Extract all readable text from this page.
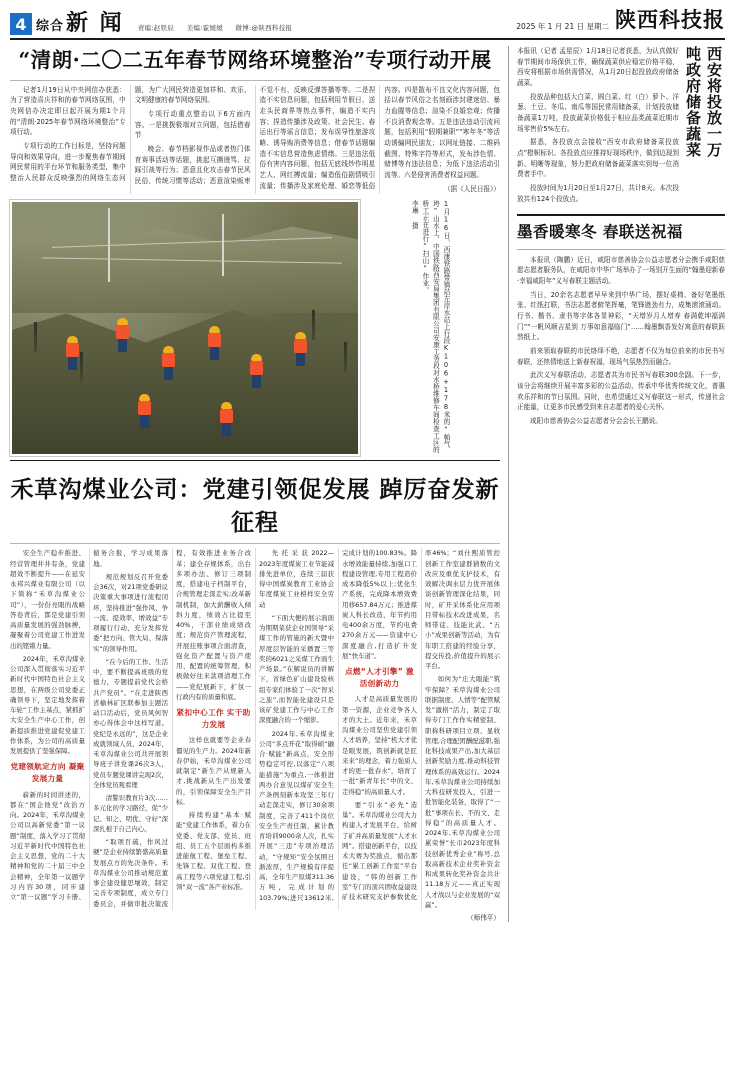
4 综合 新 闻 责编:赵铁辰 美编:霍媛媛 微博:@陕西科技报	2025 年 1 月 21 日 星期二 陕西科技报
“清朗·二〇二五年春节网络环境整治”专项行动开展

记者1月19日从中央网信办获悉：为了营造喜庆祥和的春节网络氛围，中央网信办决定即日起开展为期1个月的“清朗·2025年春节网络环境整治”专项行动。

专项行动的工作目标是，坚持问题导向和效果导向，进一步聚焦春节期间网民常用的平台环节和服务类型，集中整治人民群众反映强烈的网络生态问题，为广大网民营造更加祥和、欢乐、文明健康的春节网络氛围。

专项行动重点整治以下6方面内容。一是挑拨极端对立问题，包括借春节

晚会、春节档影视作品或者热门体育赛事活动等话题，挑起互撕谩骂、拉踩引战等行为；恶意且化攻击春节民风民俗、传统习惯等活动；恶意渲染贩枣不觉不有、反映反弹答播等等。二是捏造不实信息问题，包括利用节假日、送走头民商界等热点事件，编造不实内容；捏造传播涉及政策、社会民生、春运出行等谣言信息；发布误导性旅游攻略、诱导购消费等信息；借春节话题编造不实信息营造焦虑情绪。三是违法低俗有害内容问题，包括无底线炒作明星艺人、网红搏流量；编造低俗剧情吸引流量；传播涉及家庭伦理、婚恋等低俗内容。四是散布不良文化内容问题，包括以春节风俗之名刻画涉封建迷信、暴力血腥等信息；渲染不良婚恋观；传播不良消费观念等。五是违法违动引流问题，包括利用“假期兼职”“寒年冬”等活动诱骗网民朋友；以网址链接、二维码截图、特殊字符等形式，发布涉色情、赌博等有违法信息；为低下违法活动引流等。六是侵害消费者权益问题。

（据《人民日报》）

1月16日，西康铁路带镇站左岸水站上行段K106+178米的“帕气垮”山水上，中国铁路西安局集团有限公司安康工务段对水桥维修车间检查工区的桥工正在进行“扫山”作业。
李琳 摄
禾草沟煤业公司：党建引领促发展 踔厉奋发新征程

安全生产稳步推进、经营管理井井有条，党建超效不断提升——在延安永邦兴煤业有限公司（以下简称“禾草沟煤业公司”），一份份亮眼的战略答卷背后，都是党建引领高质量发展的强劲脉搏，凝聚着公司党建工作进发出的铿锵力量。

2024年，禾草沟煤业公司深入贯彻落实习近平新时代中国特色社会主义思想，在两级公司党委正确领导下，坚定地发挥着车轮“工作主基点，紧抓扩大安全生产中心工作，创新提质推进党建促党建工作体系，为公司的高质量发展提供了坚强保障。

党建领航定方向 凝聚发展力量

崭新的时间讲述的，都在“国企他党”改治方向。2024年，禾草沟煤业公司以高新党委“第一议题”制度，落入学习了贯彻习近平新时代中国特色社会主义思想，党的二十大精神和党的二十届三中全会精神，全年第一议题学习内容30项，同步建立“第一议题”学习卡册、循务合报，学习成果落地。

规范规划反召开党委会36次，对21项党委研议决策重大事项进行流程闭环，坚持推进“强作风、争一流、提效率、增效益”专项履行行动，充分发挥党委“把方向、管大局、保落实”的领导作用。

“在今后的工作、生活中，要不断提高班级的党德力，专题提前党代会格共产党员”。“在走进陕西省榆林矿区联参加主题活动口活动后，党员风何智亦心得体会中这样写道。党纪是永远的”，这是企业成就领域人员，2024年，禾草沟煤业公司共开展领导班子讲党课26次3人，党员专题党课讲完现2次，全体党员观看理

清警识教育片3次……多元化的学习路径，促“少记、知之、明优、守好”深深扎根于自己内心。

“取项百硫，作风过硬”是企业持续繁盛高质量发展点方的先决条件。禾草沟煤业公司推动规范董事会建设健思壤效，制定完善专项制度，成立专门委员会，并做审批决策流程，有效推进业务合改革；建全存规体系，出台多项办法、修订三项制度，搭建电子档制平台，合规管理走深走实;改革新制机制，加大薪酬收入倾斜力度，绩效占比提至40%，干部业绩成绩改度；规范资产管理流程，开展挂账事项合面清查，强化资产配置与资产使用、配置的统筹管理，积极做好往来款项清理工作——党纪展新下，扩氛一行政内有的质量和底。

紧扣中心工作 实干助力发展

这样也就要等企业春僵见的生产力。2024年新春伊始，禾草沟煤业公司就制定“新生产从规新人才,挑战新从生产出发要的，引领保障安全生产目标。

持续构建“基本·赋能”党建工作体系，着力在党委、党支部、党员、班组、员工五个层面构多推进能航工程、堡垒工程、先锋工程、双优工程、登高工程等六项党建工程,引领“双一流”各产业标准。

先托采获2022—2023年度煤炭工业节能减排先进单位，连续三届获得中国煤炭教育工业协会年度煤炭工业榜样安全劳动

“下面大便的展示面面为期期菜获企业国领导“采煤工作的管施的新大暨中厚度层智能的采播置三等奖的6021之采煤工作面生产场景。”在解说员的讲解下，省绿色矿山建设验核组专家们体验了一次“智采之旅”,而智能化建设只是该矿党建工作与中心工作深度融合的一个缩影。

2024年,禾草沟煤业公司“多点开花”取得硕“融合·赋能”新高点，安全形势稳定可控,以落定“八项能措施”为重点,一体推进两办合意见以煤矿安全生产条例刻新本攻坚三年行动走深走实，修订30余项制度，完善了411个岗位安全生产责任制，累计教育培训9000余人次，扎实开展“三违”专项治理活动，“守规矩”安全氛围日渐浓厚，生产规模有序提高，全年生产原煤311.36万吨，完成计划的103.79%;进尺13612米,完成计划的100.83%。降水增效能量持续,加强口工程建设管理,专用工程造价成本降低5%以上;优化生产系统，完成降本增效费用移657.84万元；推进煤炭人科长改造，年节约用电400余万度，节约电费270余万元——资建中心深度融合,打造扩升发展“快车道”。

点燃“人才引擎” 激活创新动力

人才是高质量发展的第一资源，企业竞争各人才的大土。近年来，禾草沟煤业公司坚焦党建引领人才培养，坚持“机大才优是眼发展，筑创新就是匠来来”的理念，着力强质人才的更一批春水”，培育了一批“新青年长”中的文、走得稳”的高质量人才。

要“引水”必先“造巢”。禾草沟煤业公司大力构建人才发展平台，给树了矿并高质量发展“人才水网”。搭建创新平台，以技术大赛为奖励点，循出那任“累工创新工作室”平台建设，“韩的创新工作室”专门的顶兴团收益建设矿技术研究支护参数优化率46%；“刘仕熙质管控创新工作室建群猜数的文改应及重优支护技术，有效解决调水层力优开展体谈创新管理深化结果，同时，矿开采体系化应用项目带标技术改进成果，名师带徒、技能比武、“五小”成果创新等活动，为有年职工搭建的经验分享，提交传投,价值提升的展示平台。

如何为“庄大眼能”筑牢保障？禾草沟煤业公司联据制度、人情等“配管赋发”激格“活力，制定了取得专门工作作实精密制、职称科研项目立项、显收管理,合理配团酬配滋职,强化科技成果产出,加大基层创新奖励力度,推动科技管理体系的高效运行。2024年,禾草沟煤业公司持续加大科技研发投入，引进一批智能化装备，取得了“一批”事项在长、不的文、走得稳”的高质量人才。2024年,禾草沟煤业公司累荣誉”长市2023年度科技创新优秀企业”称号,总取高新技术企业奖补资金和成果转化奖补资金共计11.18万元——真正实现人才战以与企业发展的“双赢”。

（师伟平）

本报讯（记者 孟星辰）1月18日记者获悉，为认真做好春节期间市场保供工作，确保蔬菜供应稳定价格平稳，西安将根据市场供需情况，从1月20日起投放政府储备蔬菜。

投放品种包括大白菜、圆白菜、红（白）萝卜、洋葱、土豆、冬瓜、南瓜等国民常用储备菜，计划投放储备蔬菜1万吨，投放蔬菜价格低于相应品类蔬菜近期市场零售价5%左右。

据悉，各投放点会接收“西安市政府储备菜投放点”橙帜标识。各投放点应推持好现场秩序，做到边现到新、明晰等现象，努力把政府储备蔬菜落实到每一位消费者手中。

投放时间为1月20日至1月27日，共计8天。本次投放共有124个投放点。

西安将投放一万吨政府储备蔬菜
墨香暖寒冬 春联送祝福

本报讯（陶鹏）近日，咸阳市慈善协会公益志愿者分会携手咸阳慈愿志愿者服务队，在咸阳市中华广场举办了一场别开生面的“翰墨迎新春·幸福咸阳年”义写春联主题活动。

当日，20余名志愿者早早来到中华广场，摆好桌椅、备好笔墨纸张、红纸打联，书法志愿者俯笔挥毫，笔锋遒劲有力，成集滚滚涌动。行书、楷书、隶书等字体各显神彩，“天增岁月人增寿 春满乾坤福满门”“一帆风顺吉星到 万事如意福临门”……翰墨飘香发好寓意的春联跃然纸上。

前来领取春联的市民络绎不绝，志愿者不仅为每位前来的市民书写春联，还热情地送上新春祝福，现场气氛热烈而融合。

此次义写春联活动，志愿者共为市民书写春联300余副。下一步，该分会将继续开展丰富多彩的公益活动，传承中华优秀传统文化，普惠欢乐祥和的节日氛围。同时，也希望通过义写春联这一形式，传递社会正能量，让更多市民感受到来自志愿者的爱心关怀。

咸阳市慈善协会公益志愿者分会会长王鹏说。
